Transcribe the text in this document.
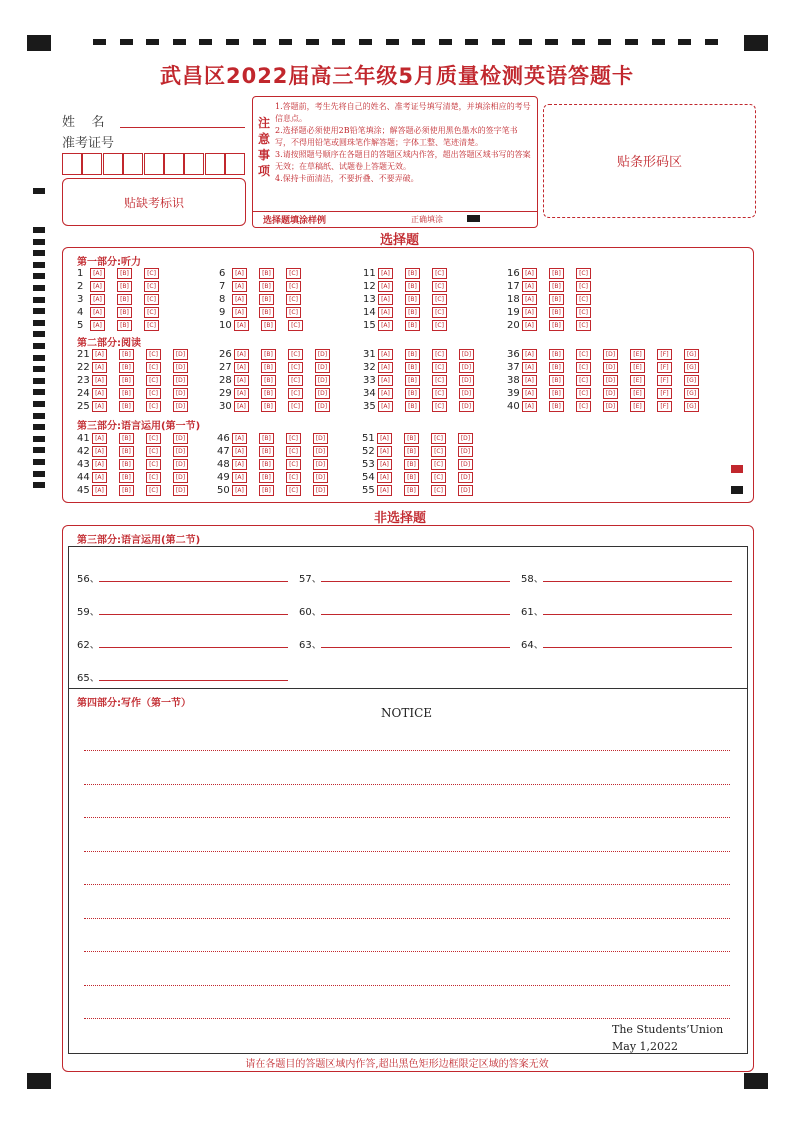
武昌区2022届高三年级5月质量检测英语答题卡
姓    名
准考证号
贴缺考标识
注
意
事
项
1.答题前，考生先将自己的姓名、准考证号填写清楚，并填涂相应的考号信息点。
2.选择题必须使用2B铅笔填涂；解答题必须使用黑色墨水的签字笔书写，不得用铅笔或圆珠笔作解答题；字体工整、笔迹清楚。
3.请按照题号顺序在各题目的答题区域内作答，超出答题区域书写的答案无效；在草稿纸、试题卷上答题无效。
4.保持卡面清洁，不要折叠、不要弄破。
选择题填涂样例	正确填涂
贴条形码区
选择题
第一部分:听力
第二部分:阅读
第三部分:语言运用(第一节)
1	[A]	[B]	[C]
2	[A]	[B]	[C]
3	[A]	[B]	[C]
4	[A]	[B]	[C]
5	[A]	[B]	[C]
6	[A]	[B]	[C]
7	[A]	[B]	[C]
8	[A]	[B]	[C]
9	[A]	[B]	[C]
10 [A]	[B]	[C]
11 [A]	[B]	[C]
12 [A]	[B]	[C]
13 [A]	[B]	[C]
14 [A]	[B]	[C]
15 [A]	[B]	[C]
16 [A]	[B]	[C]
17 [A]	[B]	[C]
18 [A]	[B]	[C]
19 [A]	[B]	[C]
20 [A]	[B]	[C]
21 [A]	[B]	[C]	[D]
22 [A]	[B]	[C]	[D]
23 [A]	[B]	[C]	[D]
24 [A]	[B]	[C]	[D]
25 [A]	[B]	[C]	[D]
26 [A]	[B]	[C]	[D]
27 [A]	[B]	[C]	[D]
28 [A]	[B]	[C]	[D]
29 [A]	[B]	[C]	[D]
30 [A]	[B]	[C]	[D]
31 [A]	[B]	[C]	[D]
32 [A]	[B]	[C]	[D]
33 [A]	[B]	[C]	[D]
34 [A]	[B]	[C]	[D]
35 [A]	[B]	[C]	[D]
36 [A]	[B]	[C]	[D]	[E]	[F]	[G]
37 [A]	[B]	[C]	[D]	[E]	[F]	[G]
38 [A]	[B]	[C]	[D]	[E]	[F]	[G]
39 [A]	[B]	[C]	[D]	[E]	[F]	[G]
40 [A]	[B]	[C]	[D]	[E]	[F]	[G]
41 [A]	[B]	[C]	[D]
42 [A]	[B]	[C]	[D]
43 [A]	[B]	[C]	[D]
44 [A]	[B]	[C]	[D]
45 [A]	[B]	[C]	[D]
46 [A]	[B]	[C]	[D]
47 [A]	[B]	[C]	[D]
48 [A]	[B]	[C]	[D]
49 [A]	[B]	[C]	[D]
50 [A]	[B]	[C]	[D]
51 [A]	[B]	[C]	[D]
52 [A]	[B]	[C]	[D]
53 [A]	[B]	[C]	[D]
54 [A]	[B]	[C]	[D]
55 [A]	[B]	[C]	[D]
非选择题
第三部分:语言运用(第二节)
56、	57、	58、
59、	60、	61、
62、	63、	64、
65、
第四部分:写作（第一节）
NOTICE
The Students’Union
May 1,2022
请在各题目的答题区域内作答,超出黑色矩形边框限定区域的答案无效
